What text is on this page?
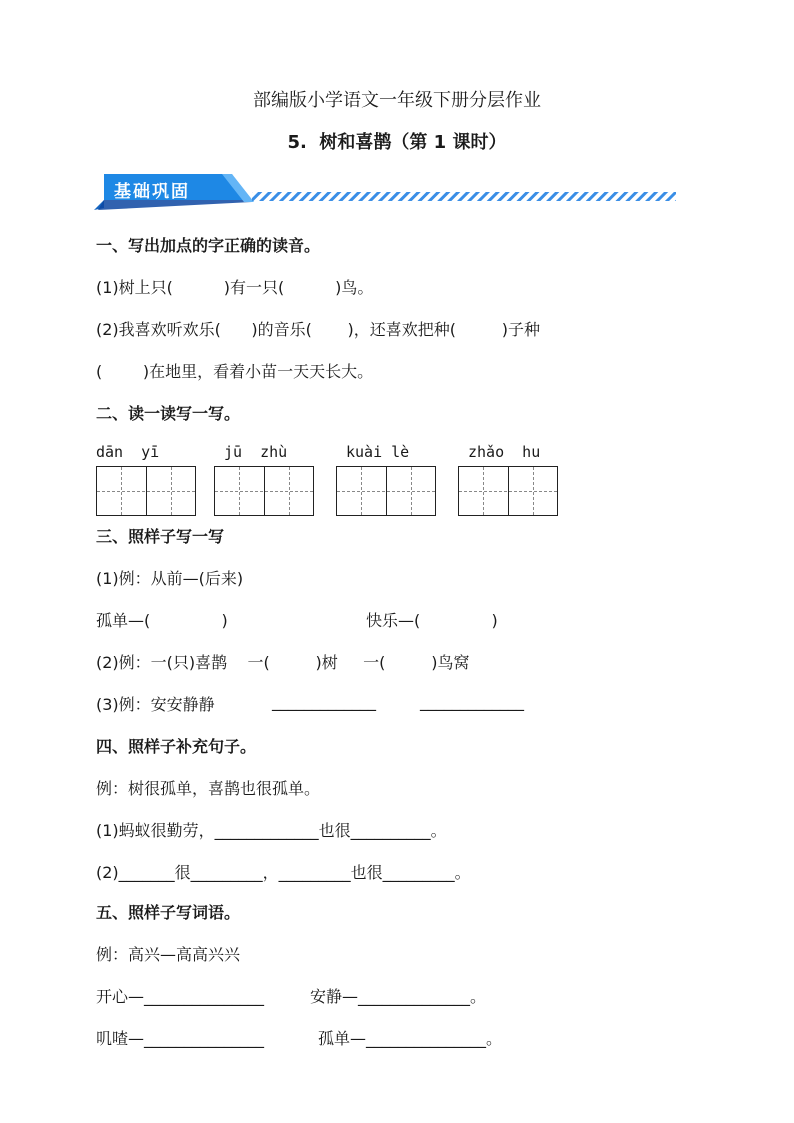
部编版小学语文一年级下册分层作业
5.  树和喜鹊（第 1 课时）
基础巩固
一、写出加点的字正确的读音。
(1)树上只(          )有一只(          )鸟。
(2)我喜欢听欢乐(      )的音乐(       )，还喜欢把种(         )子种
(        )在地里，看着小苗一天天长大。
二、读一读写一写。
dān  yī	jū  zhù	kuài lè	zhǎo  hu
三、照样子写一写
(1)例：从前—(后来)
孤单—(              )	快乐—(              )
(2)例：一(只)喜鹊    一(         )树     一(         )鸟窝
(3)例：安安静静	_____________	_____________
四、照样子补充句子。
例：树很孤单，喜鹊也很孤单。
(1)蚂蚁很勤劳，_____________也很__________。
(2)_______很_________，_________也很_________。
五、照样子写词语。
例：高兴—高高兴兴
开心—_______________	安静—______________。
叽喳—_______________	孤单—_______________。
